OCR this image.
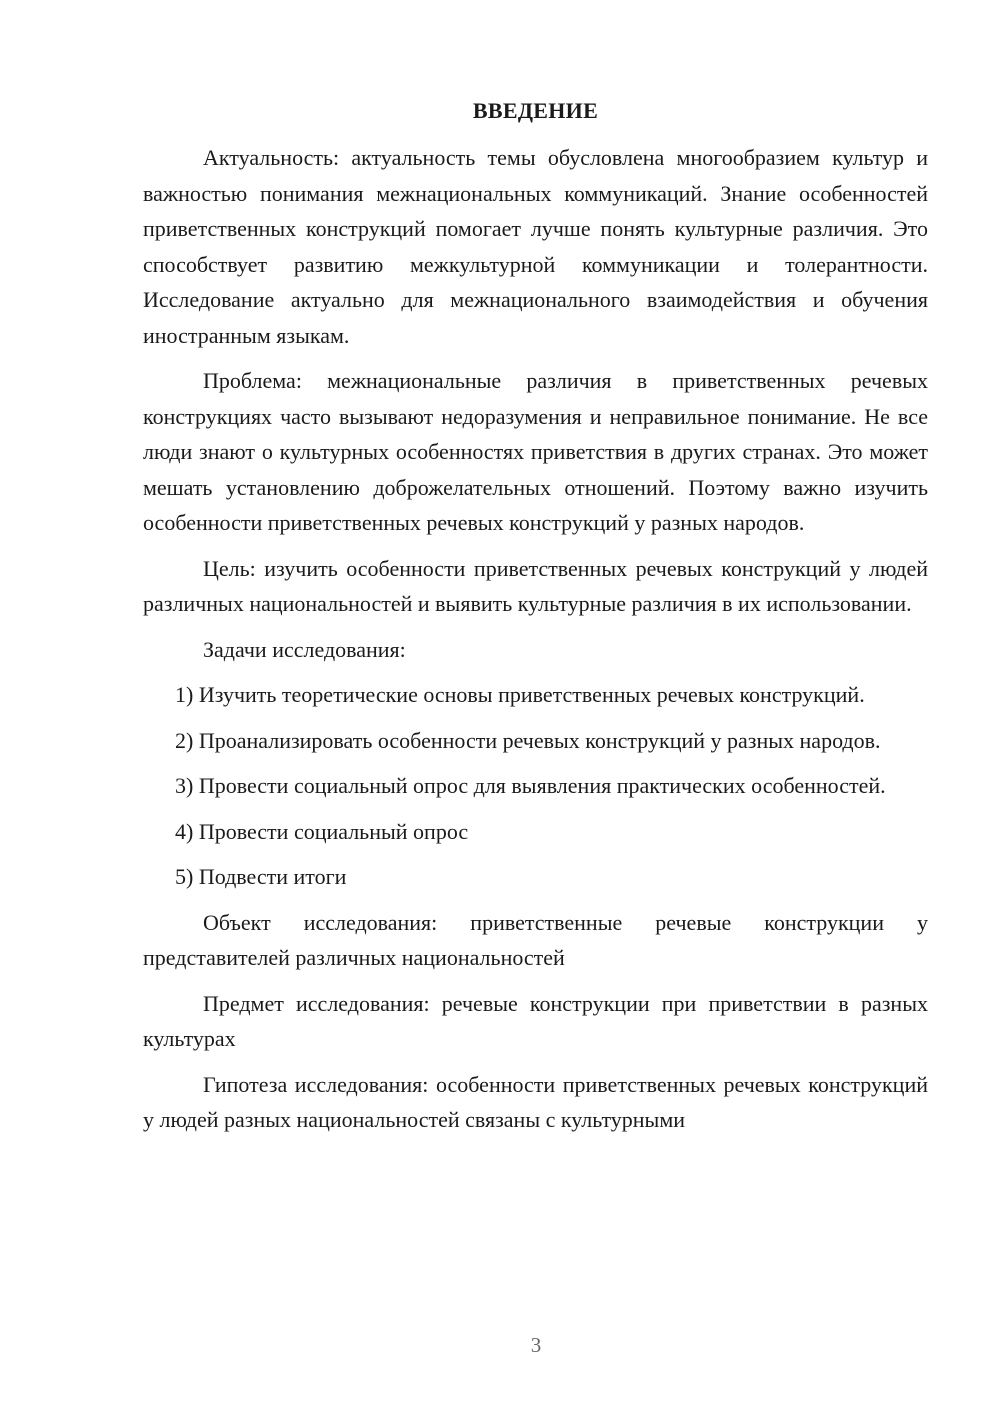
ВВЕДЕНИЕ

Актуальность: актуальность темы обусловлена многообразием культур и важностью понимания межнациональных коммуникаций. Знание особенностей приветственных конструкций помогает лучше понять культурные различия. Это способствует развитию межкультурной коммуникации и толерантности. Исследование актуально для межнационального взаимодействия и обучения иностранным языкам.

Проблема: межнациональные различия в приветственных речевых конструкциях часто вызывают недоразумения и неправильное понимание. Не все люди знают о культурных особенностях приветствия в других странах. Это может мешать установлению доброжелательных отношений. Поэтому важно изучить особенности приветственных речевых конструкций у разных народов.

Цель: изучить особенности приветственных речевых конструкций у людей различных национальностей и выявить культурные различия в их использовании.

Задачи исследования:

1) Изучить теоретические основы приветственных речевых конструкций.

2) Проанализировать особенности речевых конструкций у разных народов.

3) Провести социальный опрос для выявления практических особенностей.

4) Провести социальный опрос

5) Подвести итоги

Объект исследования: приветственные речевые конструкции у представителей различных национальностей

Предмет исследования: речевые конструкции при приветствии в разных культурах

Гипотеза исследования: особенности приветственных речевых конструкций у людей разных национальностей связаны с культурными

3
